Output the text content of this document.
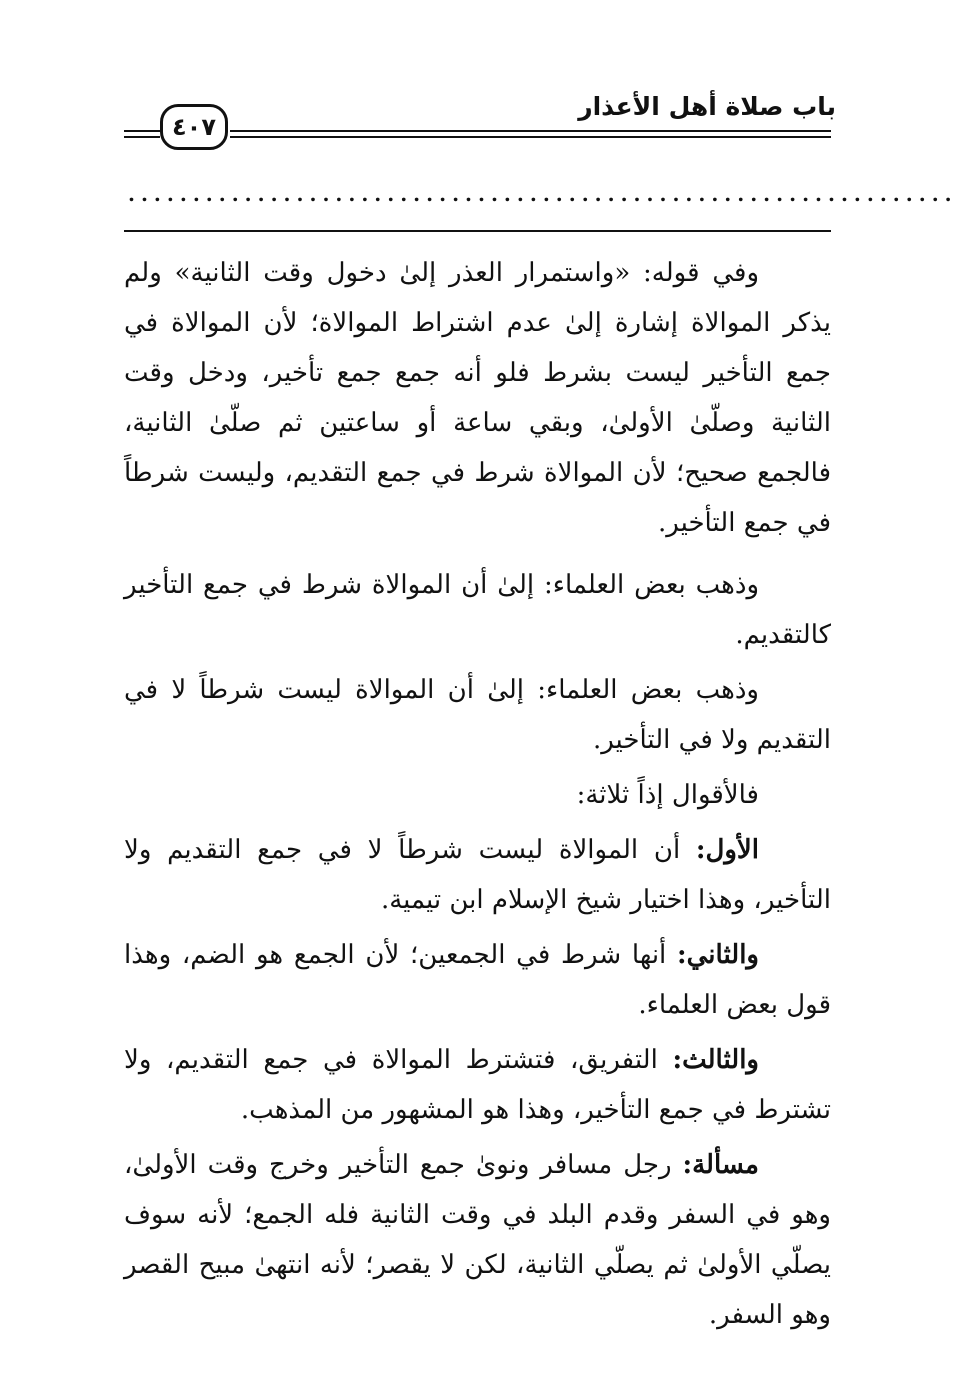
باب صلاة أهل الأعذار
٤٠٧
................................................................

وفي قوله: «واستمرار العذر إلىٰ دخول وقت الثانية» ولم يذكر الموالاة إشارة إلىٰ عدم اشتراط الموالاة؛ لأن الموالاة في جمع التأخير ليست بشرط فلو أنه جمع جمع تأخير، ودخل وقت الثانية وصلّىٰ الأولىٰ، وبقي ساعة أو ساعتين ثم صلّىٰ الثانية، فالجمع صحيح؛ لأن الموالاة شرط في جمع التقديم، وليست شرطاً في جمع التأخير.

وذهب بعض العلماء: إلىٰ أن الموالاة شرط في جمع التأخير كالتقديم.

وذهب بعض العلماء: إلىٰ أن الموالاة ليست شرطاً لا في التقديم ولا في التأخير.

فالأقوال إذاً ثلاثة:

الأول: أن الموالاة ليست شرطاً لا في جمع التقديم ولا التأخير، وهذا اختيار شيخ الإسلام ابن تيمية.

والثاني: أنها شرط في الجمعين؛ لأن الجمع هو الضم، وهذا قول بعض العلماء.

والثالث: التفريق، فتشترط الموالاة في جمع التقديم، ولا تشترط في جمع التأخير، وهذا هو المشهور من المذهب.

مسألة: رجل مسافر ونوىٰ جمع التأخير وخرج وقت الأولىٰ، وهو في السفر وقدم البلد في وقت الثانية فله الجمع؛ لأنه سوف يصلّي الأولىٰ ثم يصلّي الثانية، لكن لا يقصر؛ لأنه انتهىٰ مبيح القصر وهو السفر.
